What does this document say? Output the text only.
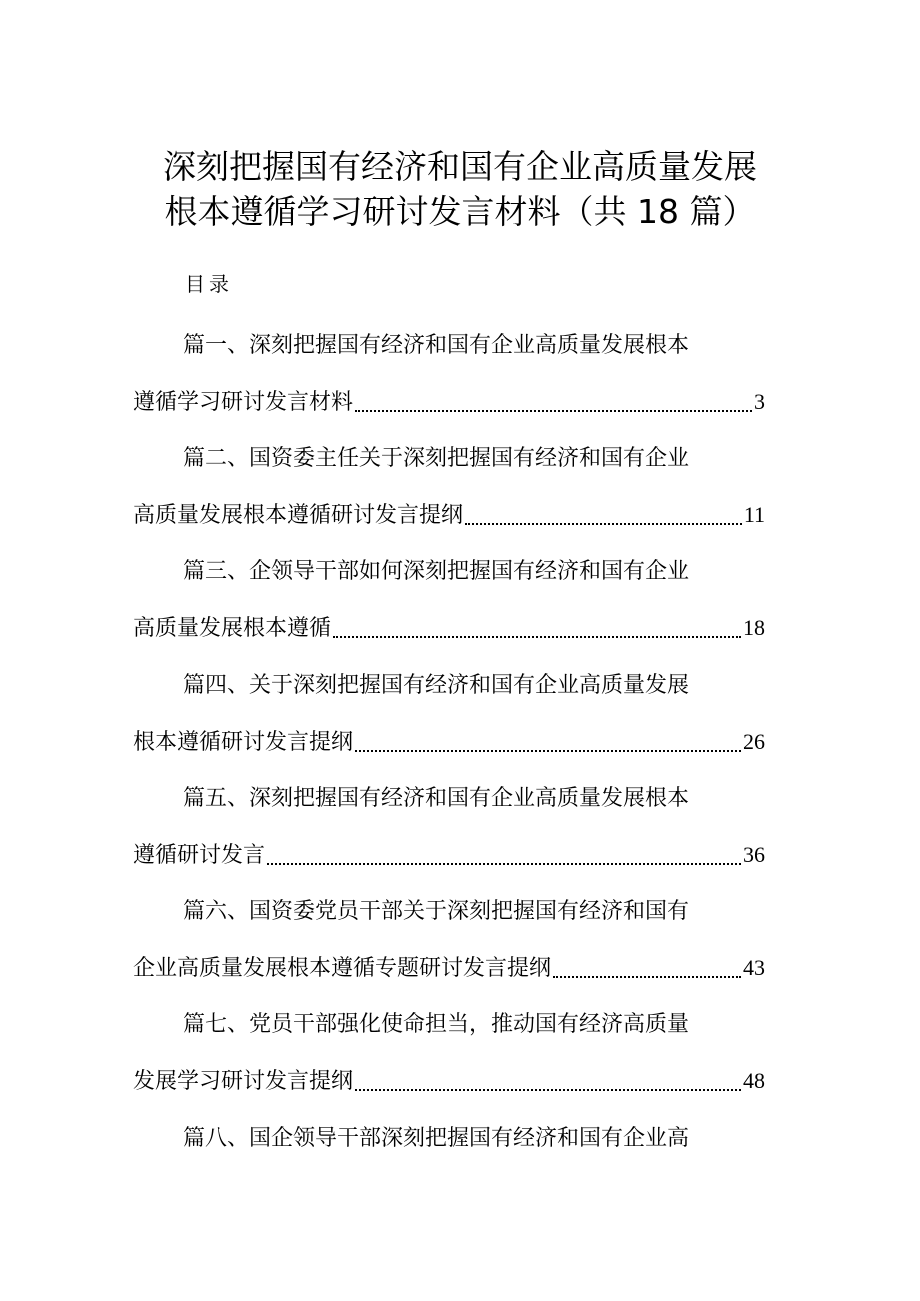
深刻把握国有经济和国有企业高质量发展
根本遵循学习研讨发言材料（共 18 篇）
目录
篇一、深刻把握国有经济和国有企业高质量发展根本
遵循学习研讨发言材料	3
篇二、国资委主任关于深刻把握国有经济和国有企业
高质量发展根本遵循研讨发言提纲	11
篇三、企领导干部如何深刻把握国有经济和国有企业
高质量发展根本遵循	18
篇四、关于深刻把握国有经济和国有企业高质量发展
根本遵循研讨发言提纲	26
篇五、深刻把握国有经济和国有企业高质量发展根本
遵循研讨发言	36
篇六、国资委党员干部关于深刻把握国有经济和国有
企业高质量发展根本遵循专题研讨发言提纲	43
篇七、党员干部强化使命担当，推动国有经济高质量
发展学习研讨发言提纲	48
篇八、国企领导干部深刻把握国有经济和国有企业高
